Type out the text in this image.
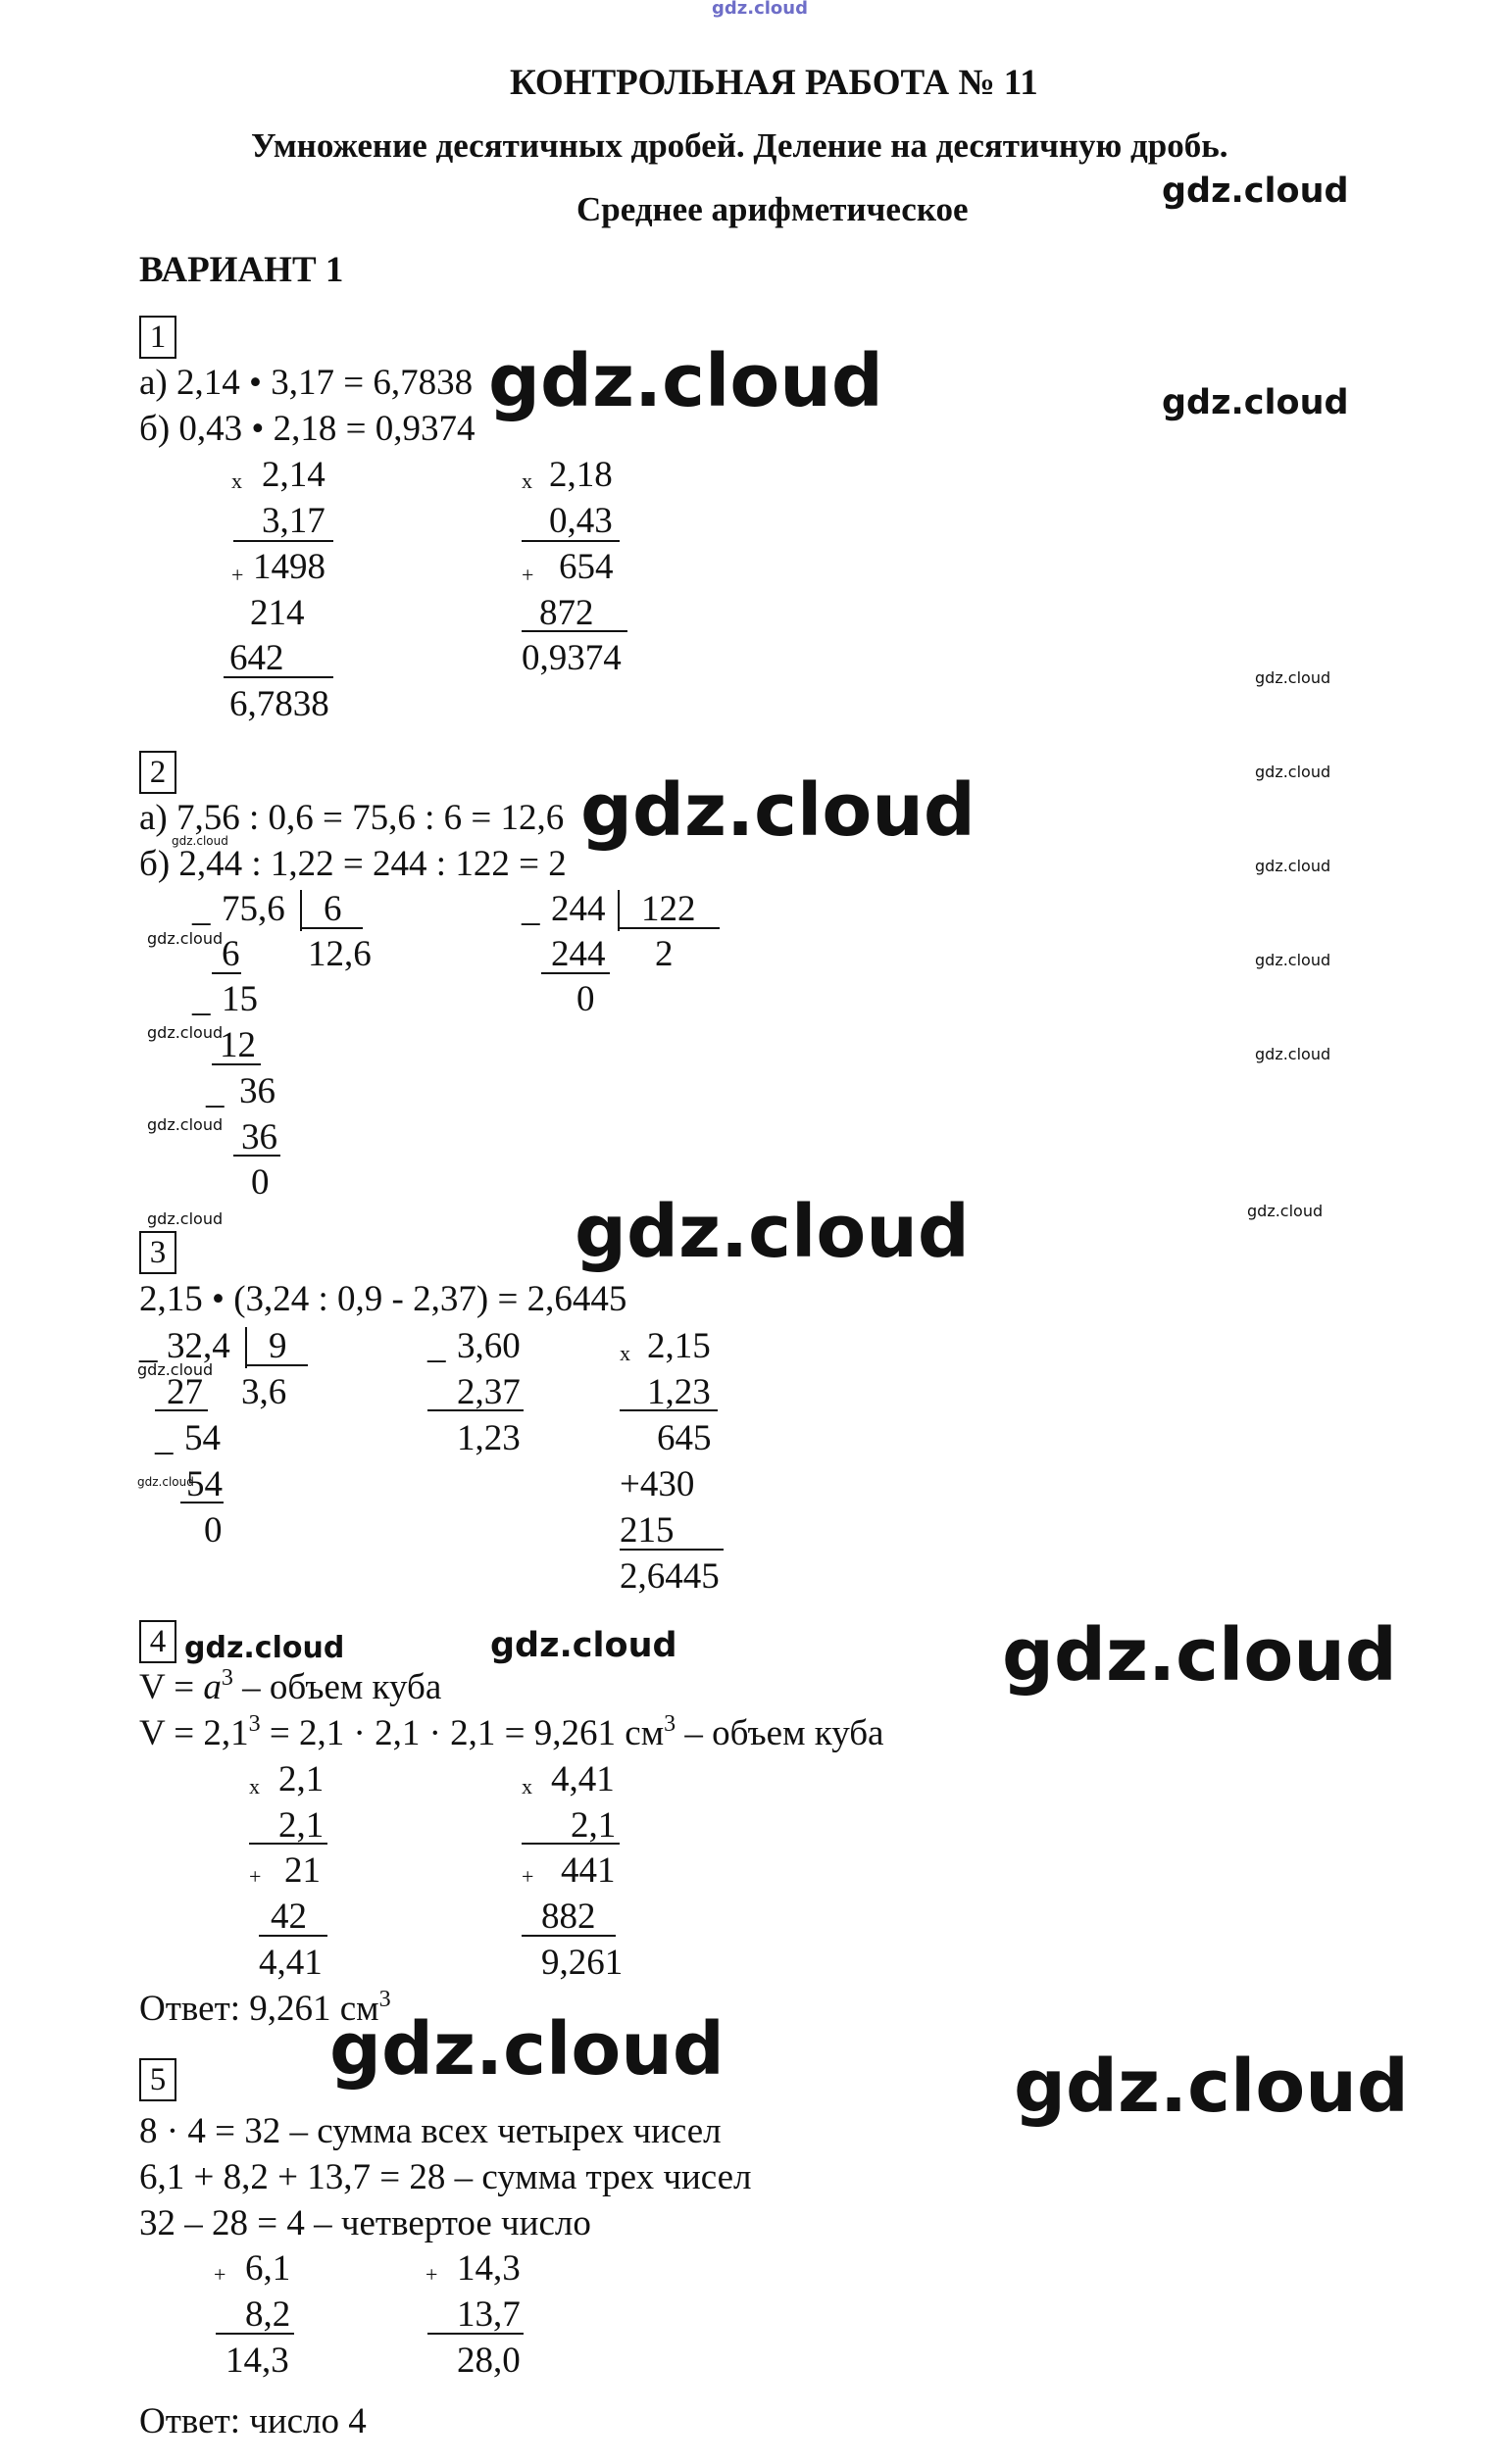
gdz.cloud
КОНТРОЛЬНАЯ РАБОТА № 11
Умножение десятичных дробей. Деление на десятичную дробь.
Среднее арифметическое	gdz.cloud
ВАРИАНТ 1
1
а) 2,14 • 3,17 = 6,7838
б) 0,43 • 2,18 = 0,9374
gdz.cloud	gdz.cloud
x 2,14
3,17
+ 1498
214
642
6,7838
x 2,18
0,43
+ 654
872
0,9374	gdz.cloud
2	gdz.cloud
а) 7,56 : 0,6 = 75,6 : 6 = 12,6 gdz.cloud
gdz.cloud
б) 2,44 : 1,22 = 244 : 122 = 2	gdz.cloud
_ 75,6 6
12,6
gdz.cloud
6
_ 15
gdz.cloud
12
_ 36
gdz.cloud 36
0
_ 244 122
2
244
0
gdz.cloud
gdz.cloud
gdz.cloud	gdz.cloud	gdz.cloud
3
2,15 • (3,24 : 0,9 - 2,37) = 2,6445
_ 32,4 9
3,6
gdz.cloud
27
_ 54
gdz.cloud
54
0
_ 3,60
2,37
1,23
x 2,15
1,23
645
+430
215
2,6445
4 gdz.cloud	gdz.cloud	gdz.cloud
$V = a^3$ – объем куба
$V = 2,1^3 = 2,1 \cdot 2,1 \cdot 2,1 = 9,261$ $см^3$ – объем куба
x 2,1
2,1
+ 21
42
4,41
x 4,41
2,1
+ 441
882
9,261
Ответ: 9,261 $см^3$
gdz.cloud	gdz.cloud
5
8 · 4 = 32 – сумма всех четырех чисел
6,1 + 8,2 + 13,7 = 28 – сумма трех чисел
32 – 28 = 4 – четвертое число
+ 6,1
8,2
14,3
+ 14,3
13,7
28,0
Ответ: число 4
